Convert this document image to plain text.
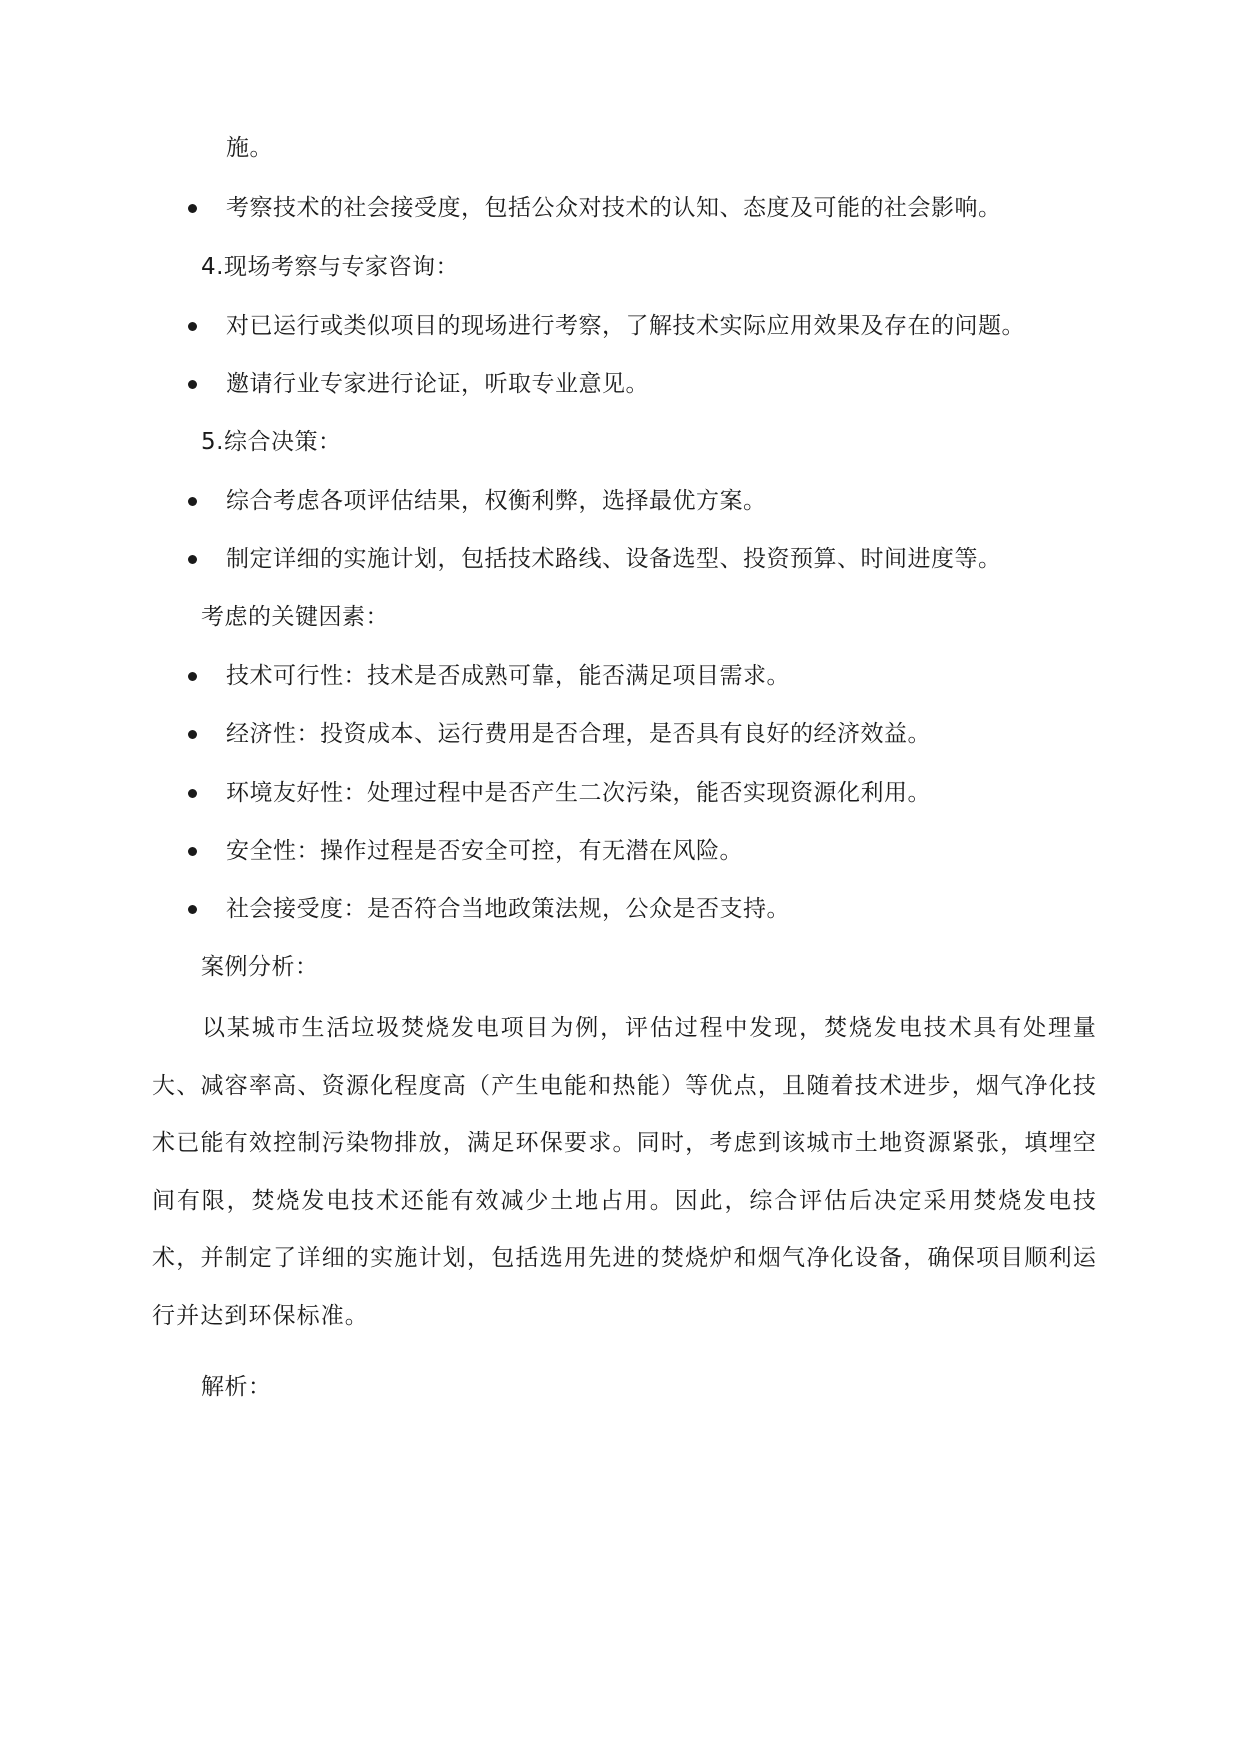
施。
考察技术的社会接受度，包括公众对技术的认知、态度及可能的社会影响。
4.现场考察与专家咨询：
对已运行或类似项目的现场进行考察，了解技术实际应用效果及存在的问题。
邀请行业专家进行论证，听取专业意见。
5.综合决策：
综合考虑各项评估结果，权衡利弊，选择最优方案。
制定详细的实施计划，包括技术路线、设备选型、投资预算、时间进度等。
考虑的关键因素：
技术可行性：技术是否成熟可靠，能否满足项目需求。
经济性：投资成本、运行费用是否合理，是否具有良好的经济效益。
环境友好性：处理过程中是否产生二次污染，能否实现资源化利用。
安全性：操作过程是否安全可控，有无潜在风险。
社会接受度：是否符合当地政策法规，公众是否支持。
案例分析：
以某城市生活垃圾焚烧发电项目为例，评估过程中发现，焚烧发电技术具有处理量大、减容率高、资源化程度高（产生电能和热能）等优点，且随着技术进步，烟气净化技术已能有效控制污染物排放，满足环保要求。同时，考虑到该城市土地资源紧张，填埋空间有限，焚烧发电技术还能有效减少土地占用。因此，综合评估后决定采用焚烧发电技术，并制定了详细的实施计划，包括选用先进的焚烧炉和烟气净化设备，确保项目顺利运行并达到环保标准。
解析：
